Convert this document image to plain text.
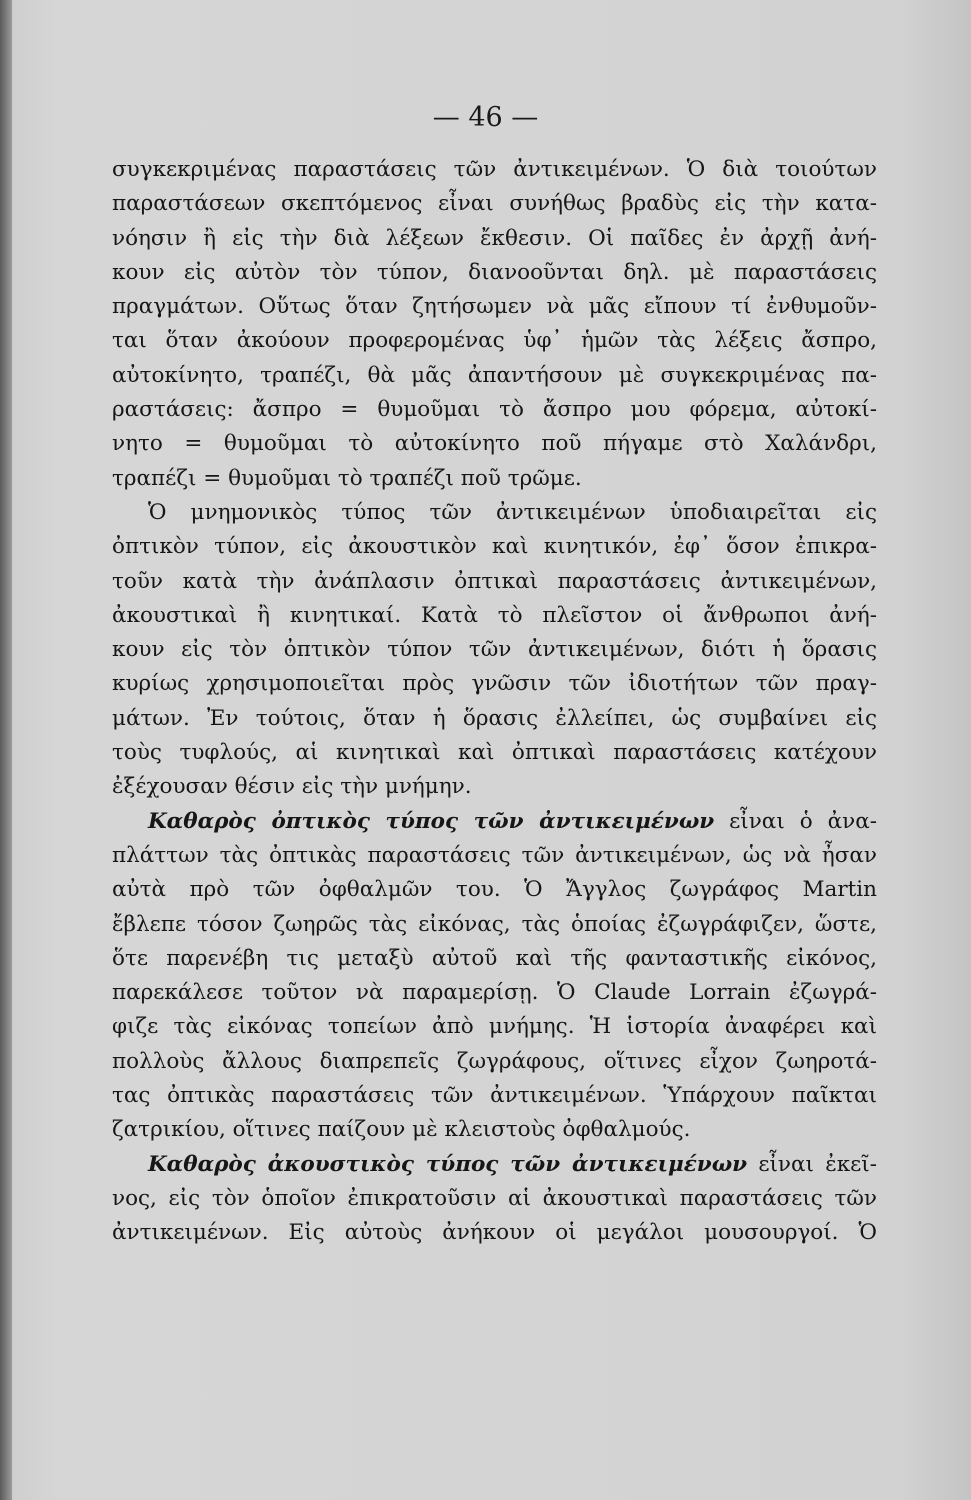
— 46 —
συγκεκριμένας παραστάσεις τῶν ἀντικειμένων. Ὁ διὰ τοιούτων
παραστάσεων σκεπτόμενος εἶναι συνήθως βραδὺς εἰς τὴν κατα-
νόησιν ἢ εἰς τὴν διὰ λέξεων ἔκθεσιν. Οἱ παῖδες ἐν ἀρχῇ ἀνή-
κουν εἰς αὐτὸν τὸν τύπον, διανοοῦνται δηλ. μὲ παραστάσεις
πραγμάτων. Οὕτως ὅταν ζητήσωμεν νὰ μᾶς εἴπουν τί ἐνθυμοῦν-
ται ὅταν ἀκούουν προφερομένας ὑφ᾽ ἡμῶν τὰς λέξεις ἄσπρο,
αὐτοκίνητο, τραπέζι, θὰ μᾶς ἀπαντήσουν μὲ συγκεκριμένας πα-
ραστάσεις: ἄσπρο = θυμοῦμαι τὸ ἄσπρο μου φόρεμα, αὐτοκί-
νητο = θυμοῦμαι τὸ αὐτοκίνητο ποῦ πήγαμε στὸ Χαλάνδρι,
τραπέζι = θυμοῦμαι τὸ τραπέζι ποῦ τρῶμε.
Ὁ μνημονικὸς τύπος τῶν ἀντικειμένων ὑποδιαιρεῖται εἰς
ὀπτικὸν τύπον, εἰς ἀκουστικὸν καὶ κινητικόν, ἐφ᾽ ὅσον ἐπικρα-
τοῦν κατὰ τὴν ἀνάπλασιν ὀπτικαὶ παραστάσεις ἀντικειμένων,
ἀκουστικαὶ ἢ κινητικαί. Κατὰ τὸ πλεῖστον οἱ ἄνθρωποι ἀνή-
κουν εἰς τὸν ὀπτικὸν τύπον τῶν ἀντικειμένων, διότι ἡ ὅρασις
κυρίως χρησιμοποιεῖται πρὸς γνῶσιν τῶν ἰδιοτήτων τῶν πραγ-
μάτων. Ἐν τούτοις, ὅταν ἡ ὅρασις ἐλλείπει, ὡς συμβαίνει εἰς
τοὺς τυφλούς, αἱ κινητικαὶ καὶ ὀπτικαὶ παραστάσεις κατέχουν
ἐξέχουσαν θέσιν εἰς τὴν μνήμην.
Καθαρὸς ὀπτικὸς τύπος τῶν ἀντικειμένων εἶναι ὁ ἀνα-
πλάττων τὰς ὀπτικὰς παραστάσεις τῶν ἀντικειμένων, ὡς νὰ ἦσαν
αὐτὰ πρὸ τῶν ὀφθαλμῶν του. Ὁ Ἄγγλος ζωγράφος Martin
ἔβλεπε τόσον ζωηρῶς τὰς εἰκόνας, τὰς ὁποίας ἐζωγράφιζεν, ὥστε,
ὅτε παρενέβη τις μεταξὺ αὐτοῦ καὶ τῆς φανταστικῆς εἰκόνος,
παρεκάλεσε τοῦτον νὰ παραμερίσῃ. Ὁ Claude Lorrain ἐζωγρά-
φιζε τὰς εἰκόνας τοπείων ἀπὸ μνήμης. Ἡ ἱστορία ἀναφέρει καὶ
πολλοὺς ἄλλους διαπρεπεῖς ζωγράφους, οἵτινες εἶχον ζωηροτά-
τας ὀπτικὰς παραστάσεις τῶν ἀντικειμένων. Ὑπάρχουν παῖκται
ζατρικίου, οἵτινες παίζουν μὲ κλειστοὺς ὀφθαλμούς.
Καθαρὸς ἀκουστικὸς τύπος τῶν ἀντικειμένων εἶναι ἐκεῖ-
νος, εἰς τὸν ὁποῖον ἐπικρατοῦσιν αἱ ἀκουστικαὶ παραστάσεις τῶν
ἀντικειμένων. Εἰς αὐτοὺς ἀνήκουν οἱ μεγάλοι μουσουργοί. Ὁ
